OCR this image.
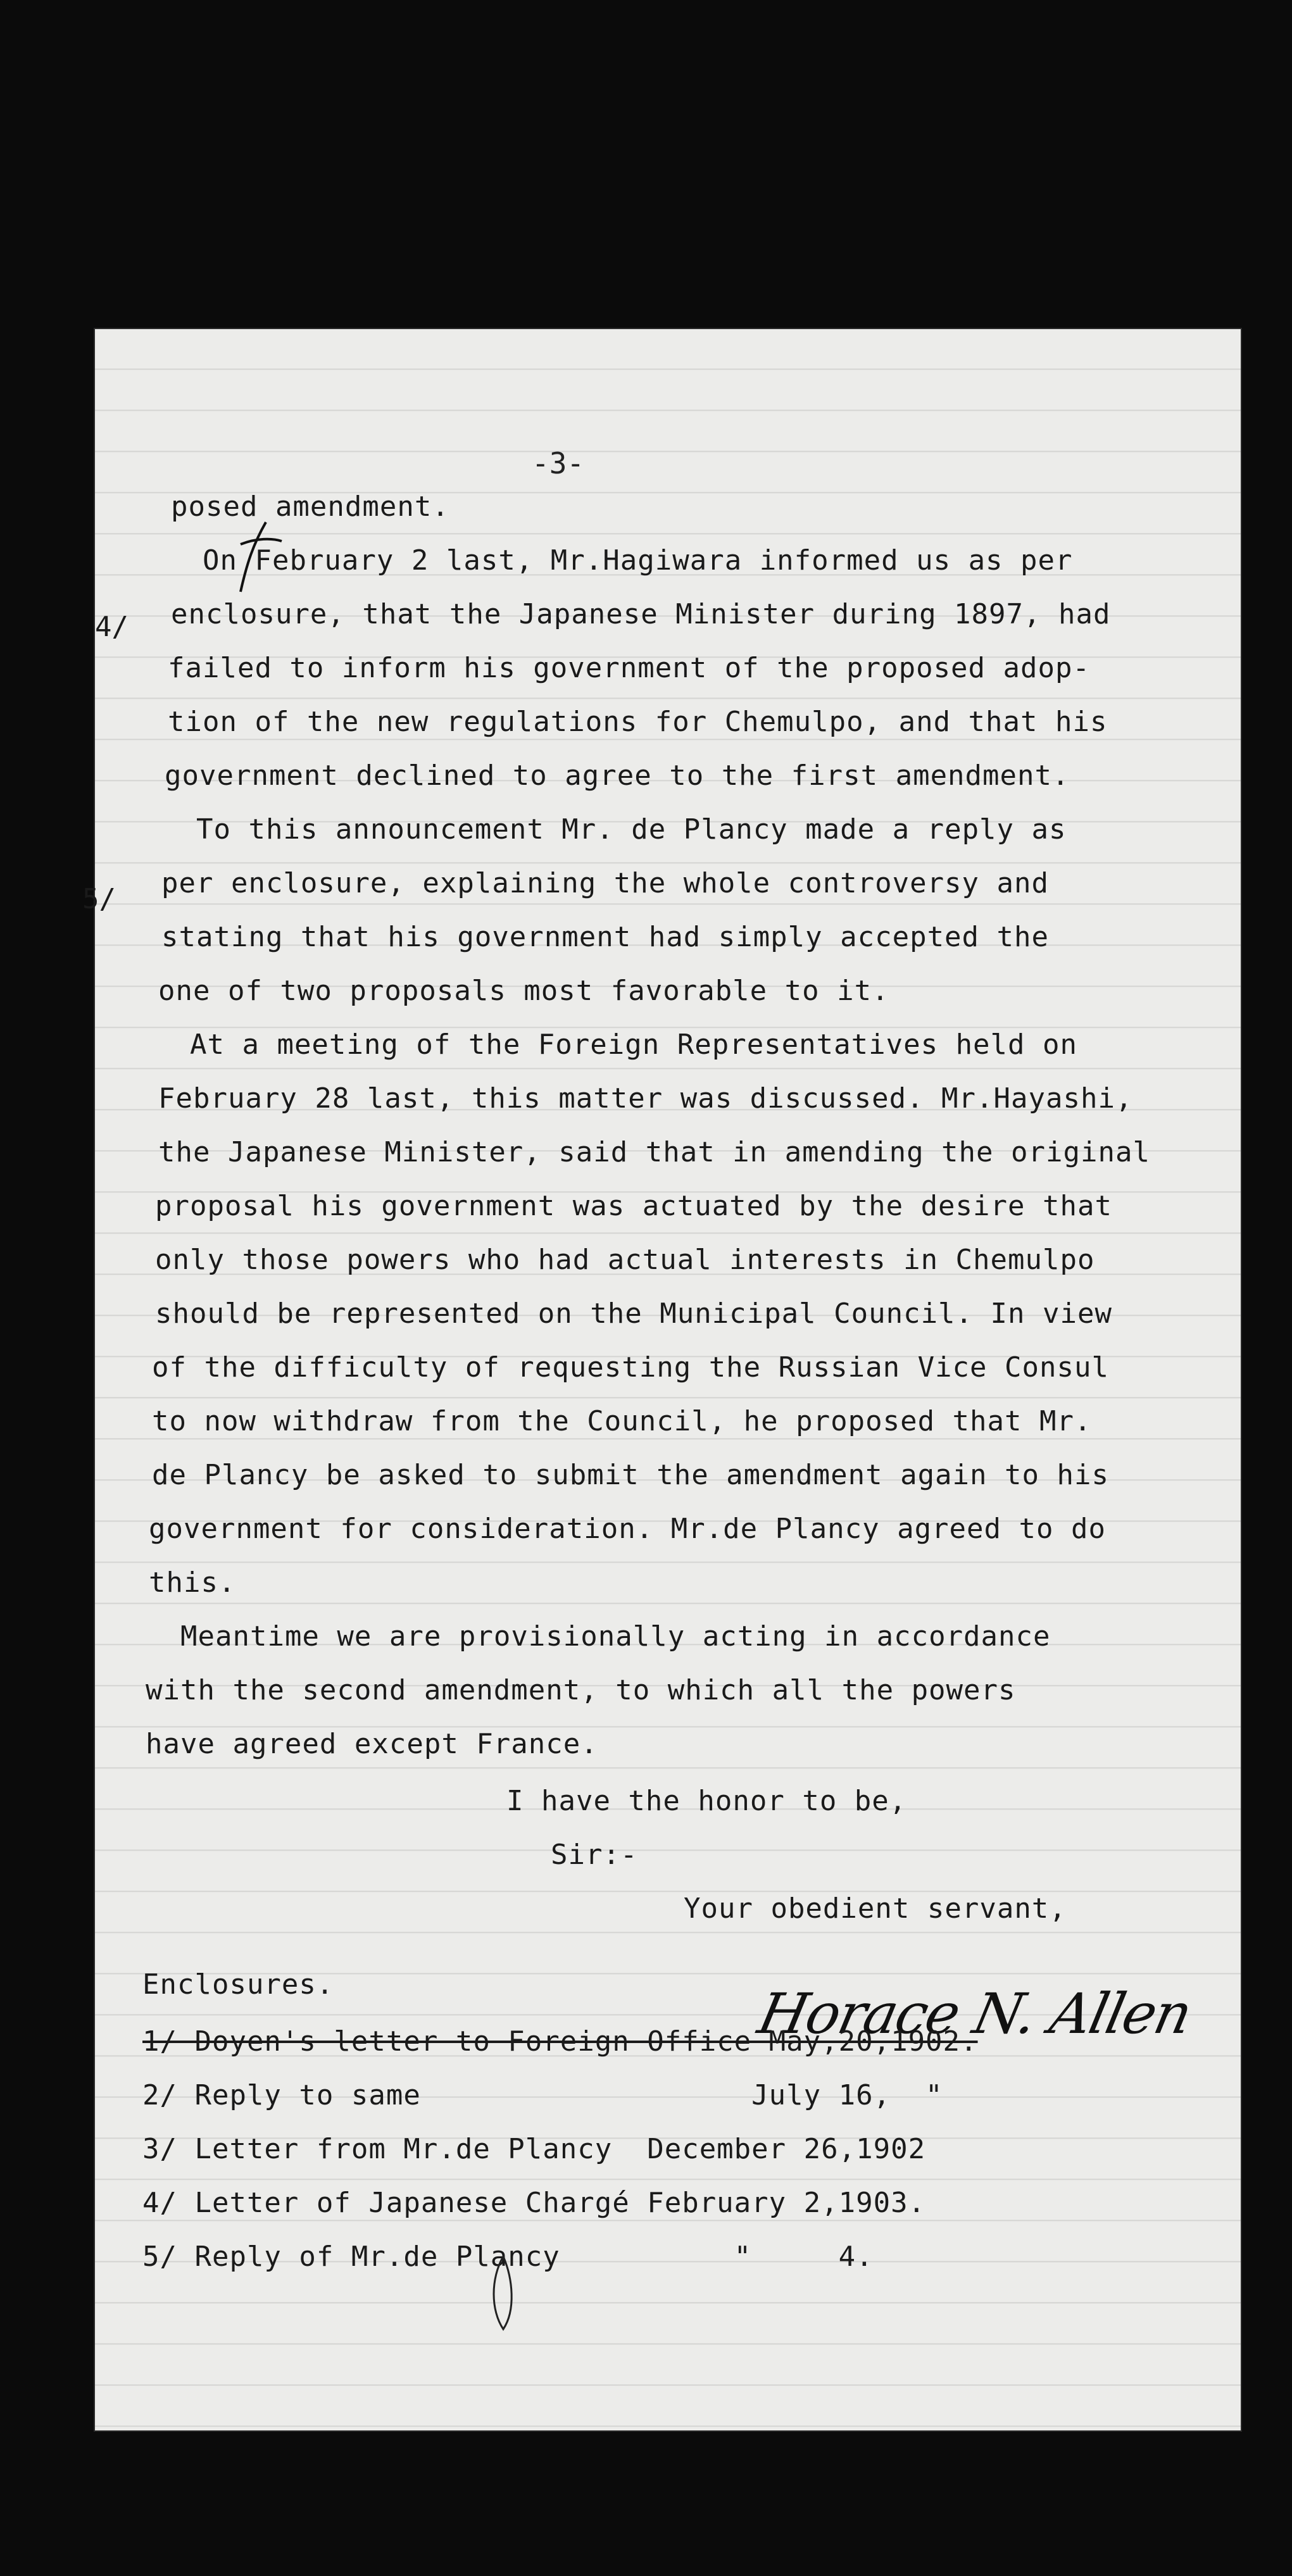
-3-
4/
5/
posed amendment.
On February 2 last, Mr.Hagiwara informed us as per
enclosure, that the Japanese Minister during 1897, had
failed to inform his government of the proposed adop-
tion of the new regulations for Chemulpo, and that his
government declined to agree to the first amendment.
To this announcement Mr. de Plancy made a reply as
per enclosure, explaining the whole controversy and
stating that his government had simply accepted the
one of two proposals most favorable to it.
At a meeting of the Foreign Representatives held on
February 28 last, this matter was discussed. Mr.Hayashi,
the Japanese Minister, said that in amending the original
proposal his government was actuated by the desire that
only those powers who had actual interests in Chemulpo
should be represented on the Municipal Council. In view
of the difficulty of requesting the Russian Vice Consul
to now withdraw from the Council, he proposed that Mr.
de Plancy be asked to submit the amendment again to his
government for consideration. Mr.de Plancy agreed to do
this.
Meantime we are provisionally acting in accordance
with the second amendment, to which all the powers
have agreed except France.
I have the honor to be,
Sir:-
Your obedient servant,
Enclosures.	Horace N. Allen
1/ Doyen's letter to Foreign Office May,20,1902.
2/ Reply to same                   July 16,  "
3/ Letter from Mr.de Plancy  December 26,1902
4/ Letter of Japanese Chargé February 2,1903.
5/ Reply of Mr.de Plancy          "     4.
